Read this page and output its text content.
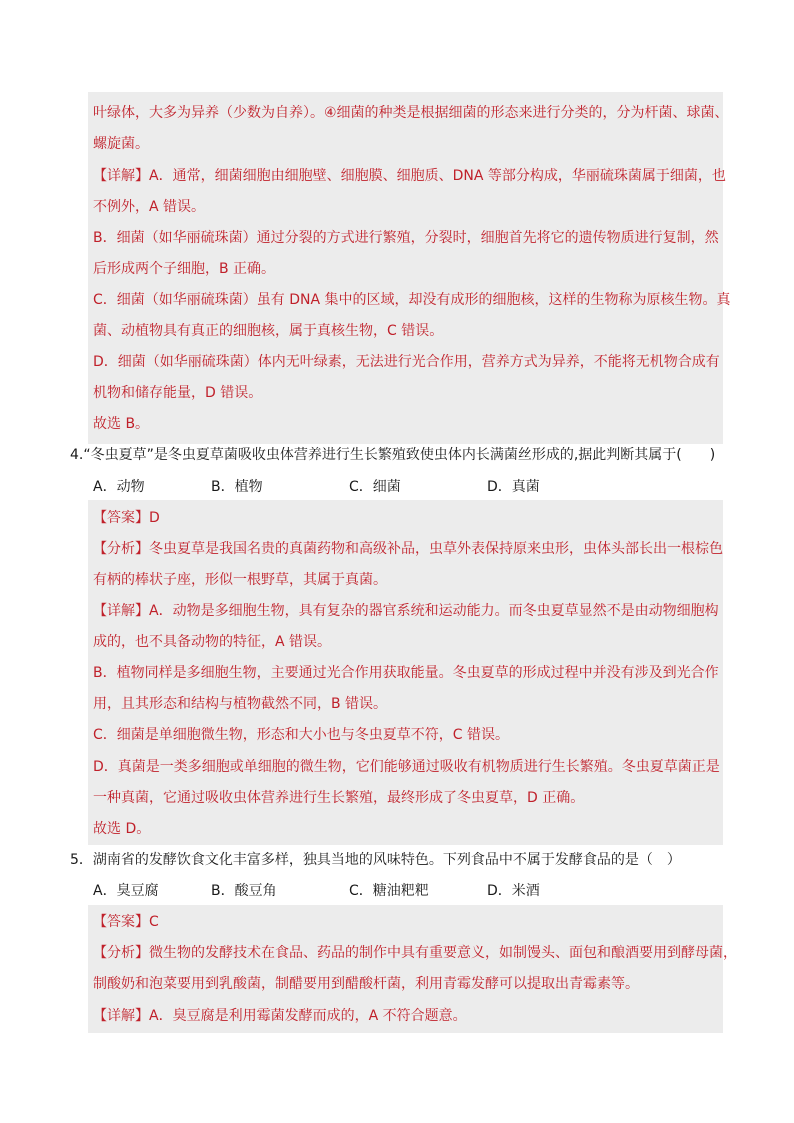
叶绿体，大多为异养（少数为自养）。④细菌的种类是根据细菌的形态来进行分类的，分为杆菌、球菌、
螺旋菌。
【详解】A．通常，细菌细胞由细胞壁、细胞膜、细胞质、DNA 等部分构成，华丽硫珠菌属于细菌，也
不例外，A 错误。
B．细菌（如华丽硫珠菌）通过分裂的方式进行繁殖，分裂时，细胞首先将它的遗传物质进行复制，然
后形成两个子细胞，B 正确。
C．细菌（如华丽硫珠菌）虽有 DNA 集中的区域，却没有成形的细胞核，这样的生物称为原核生物。真
菌、动植物具有真正的细胞核，属于真核生物，C 错误。
D．细菌（如华丽硫珠菌）体内无叶绿素，无法进行光合作用，营养方式为异养，不能将无机物合成有
机物和储存能量，D 错误。
故选 B。
4.“冬虫夏草”是冬虫夏草菌吸收虫体营养进行生长繁殖致使虫体内长满菌丝形成的,据此判断其属于(　　)
A．动物	B．植物	C．细菌	D．真菌
【答案】D
【分析】冬虫夏草是我国名贵的真菌药物和高级补品，虫草外表保持原来虫形，虫体头部长出一根棕色
有柄的棒状子座，形似一根野草，其属于真菌。
【详解】A．动物是多细胞生物，具有复杂的器官系统和运动能力。而冬虫夏草显然不是由动物细胞构
成的，也不具备动物的特征，A 错误。
B．植物同样是多细胞生物，主要通过光合作用获取能量。冬虫夏草的形成过程中并没有涉及到光合作
用，且其形态和结构与植物截然不同，B 错误。
C．细菌是单细胞微生物，形态和大小也与冬虫夏草不符，C 错误。
D．真菌是一类多细胞或单细胞的微生物，它们能够通过吸收有机物质进行生长繁殖。冬虫夏草菌正是
一种真菌，它通过吸收虫体营养进行生长繁殖，最终形成了冬虫夏草，D 正确。
故选 D。
5．湖南省的发酵饮食文化丰富多样，独具当地的风味特色。下列食品中不属于发酵食品的是（　）
A．臭豆腐	B．酸豆角	C．糖油粑粑	D．米酒
【答案】C
【分析】微生物的发酵技术在食品、药品的制作中具有重要意义，如制馒头、面包和酿酒要用到酵母菌，
制酸奶和泡菜要用到乳酸菌，制醋要用到醋酸杆菌，利用青霉发酵可以提取出青霉素等。
【详解】A．臭豆腐是利用霉菌发酵而成的，A 不符合题意。
